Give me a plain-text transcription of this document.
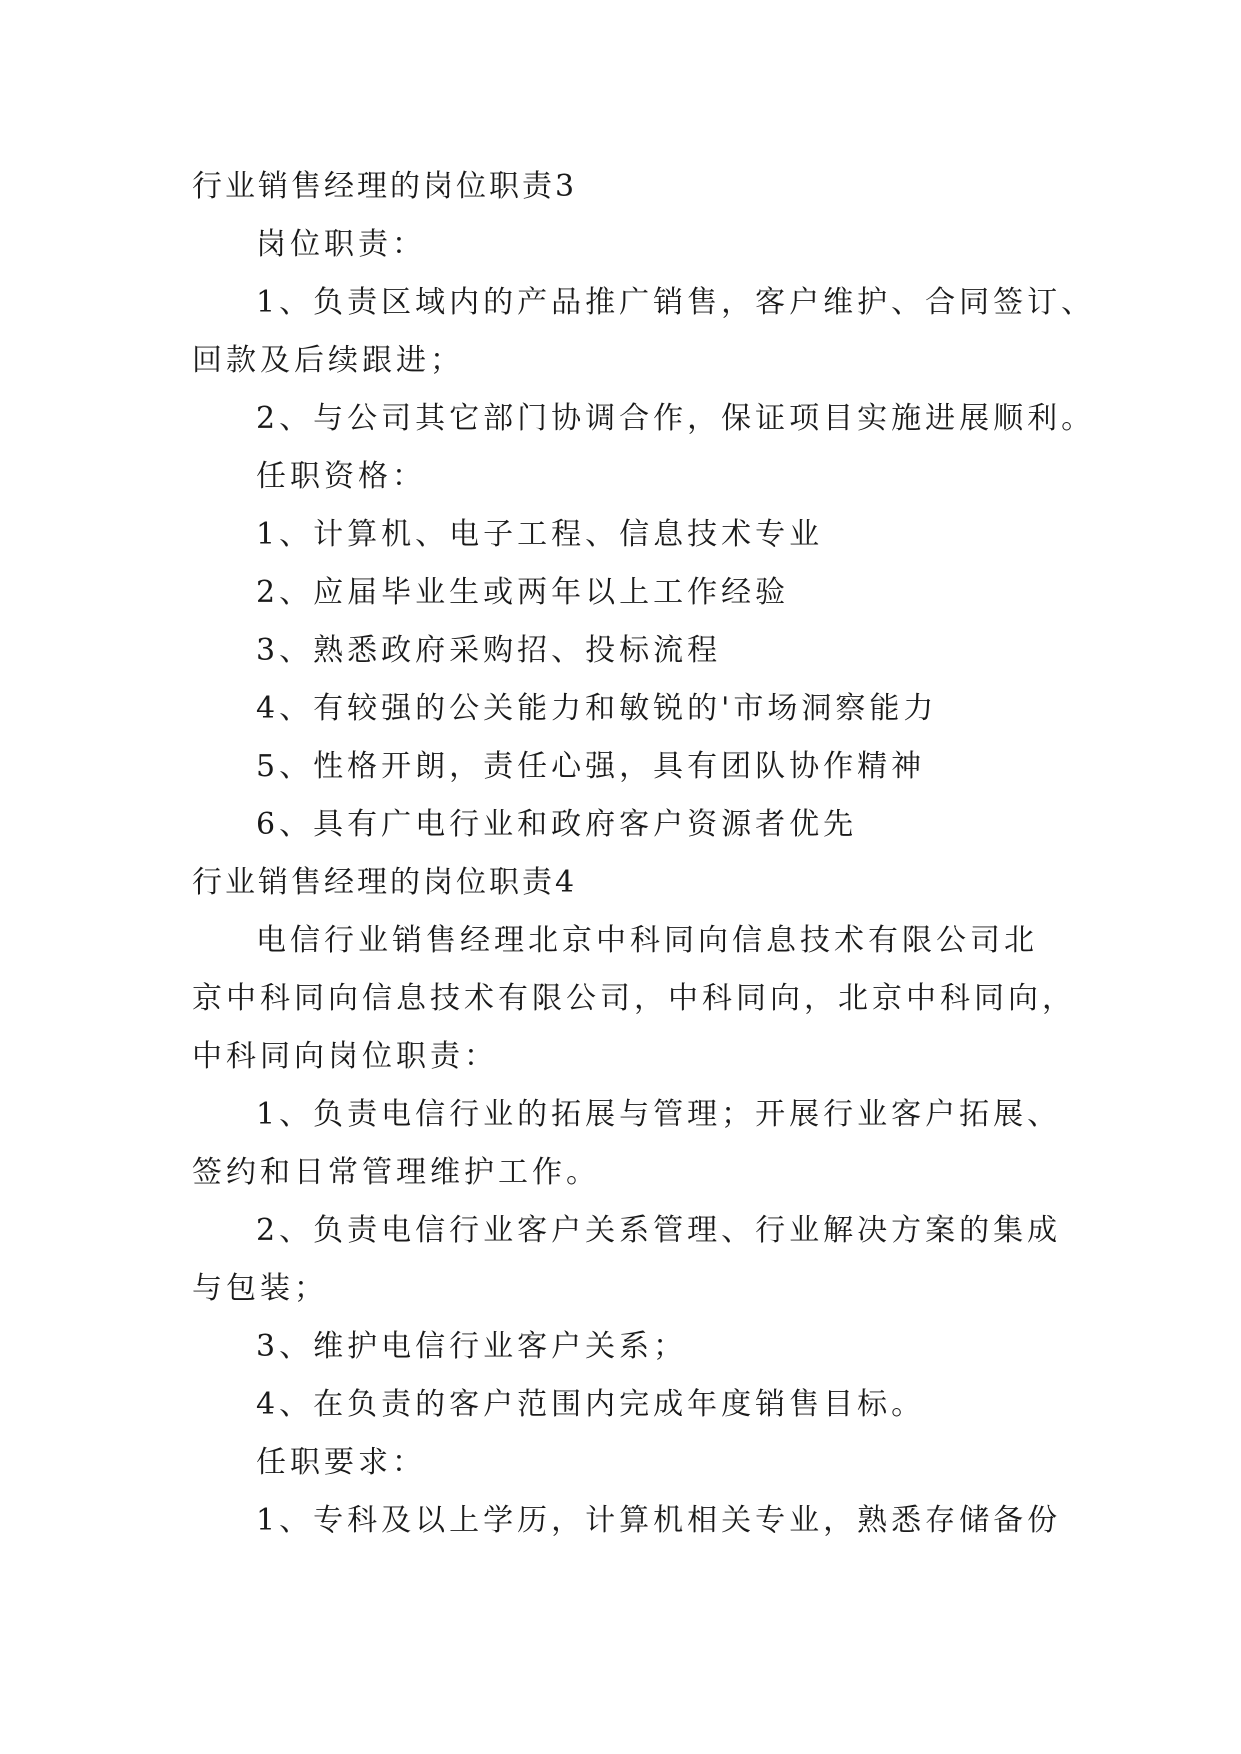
行业销售经理的岗位职责3
岗位职责：
1、负责区域内的产品推广销售，客户维护、合同签订、
回款及后续跟进；
2、与公司其它部门协调合作，保证项目实施进展顺利。
任职资格：
1、计算机、电子工程、信息技术专业
2、应届毕业生或两年以上工作经验
3、熟悉政府采购招、投标流程
4、有较强的公关能力和敏锐的'市场洞察能力
5、性格开朗，责任心强，具有团队协作精神
6、具有广电行业和政府客户资源者优先
行业销售经理的岗位职责4
电信行业销售经理北京中科同向信息技术有限公司北
京中科同向信息技术有限公司，中科同向，北京中科同向，
中科同向岗位职责：
1、负责电信行业的拓展与管理；开展行业客户拓展、
签约和日常管理维护工作。
2、负责电信行业客户关系管理、行业解决方案的集成
与包装；
3、维护电信行业客户关系；
4、在负责的客户范围内完成年度销售目标。
任职要求：
1、专科及以上学历，计算机相关专业，熟悉存储备份
